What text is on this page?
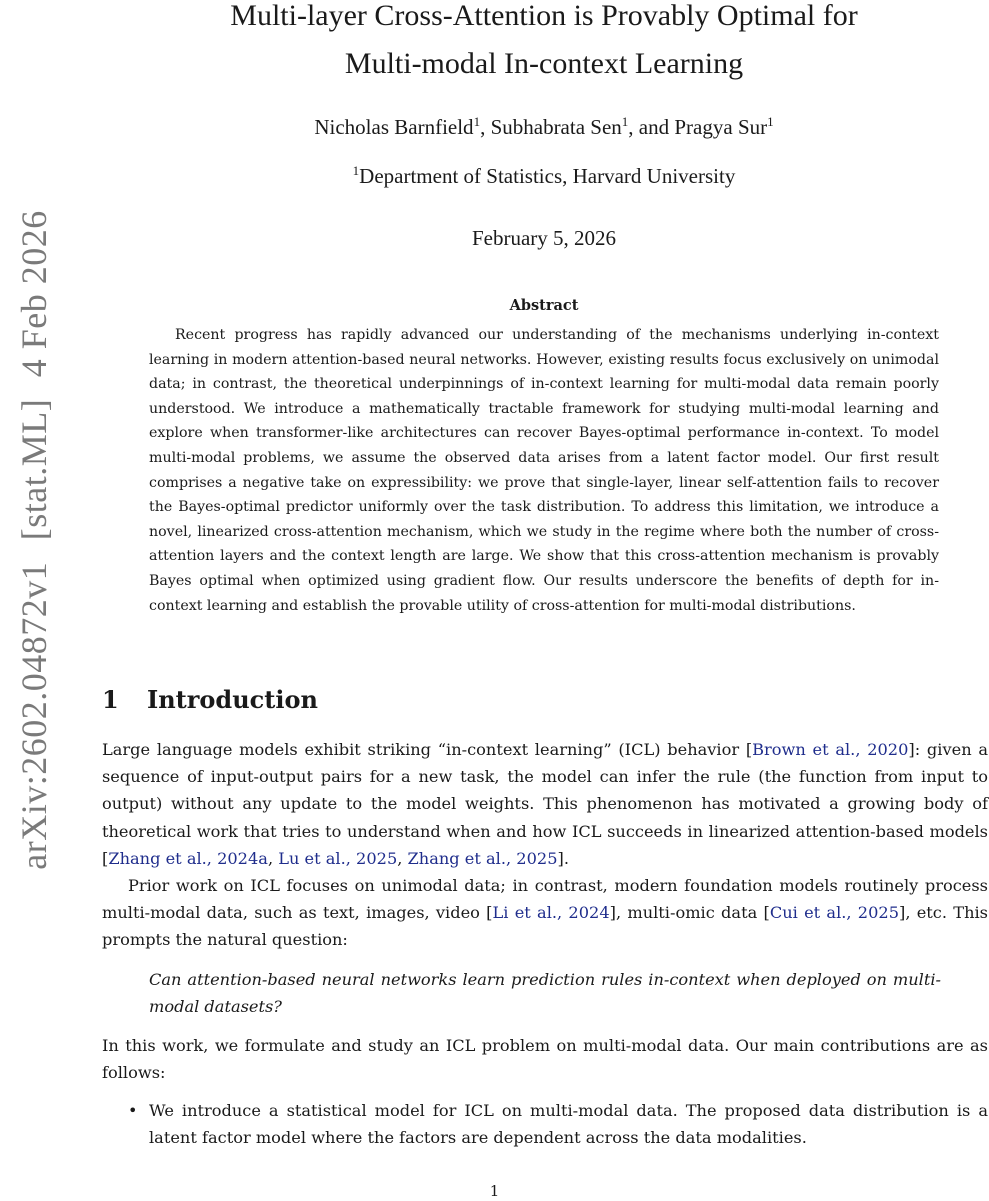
arXiv:2602.04872v1 [stat.ML] 4 Feb 2026
Multi-layer Cross-Attention is Provably Optimal for
Multi-modal In-context Learning
Nicholas Barnfield$^1$, Subhabrata Sen$^1$, and Pragya Sur$^1$
$^1$Department of Statistics, Harvard University
February 5, 2026
Abstract

Recent progress has rapidly advanced our understanding of the mechanisms underlying in-context learning in modern attention-based neural networks. However, existing results focus exclusively on unimodal data; in contrast, the theoretical underpinnings of in-context learning for multi-modal data remain poorly understood. We introduce a mathematically tractable framework for studying multi-modal learning and explore when transformer-like architectures can recover Bayes-optimal performance in-context. To model multi-modal problems, we assume the observed data arises from a latent factor model. Our first result comprises a negative take on expressibility: we prove that single-layer, linear self-attention fails to recover the Bayes-optimal predictor uniformly over the task distribution. To address this limitation, we introduce a novel, linearized cross-attention mechanism, which we study in the regime where both the number of cross-attention layers and the context length are large. We show that this cross-attention mechanism is provably Bayes optimal when optimized using gradient flow. Our results underscore the benefits of depth for in-context learning and establish the provable utility of cross-attention for multi-modal distributions.

1 Introduction

Large language models exhibit striking “in-context learning” (ICL) behavior [Brown et al., 2020]: given a sequence of input-output pairs for a new task, the model can infer the rule (the function from input to output) without any update to the model weights. This phenomenon has motivated a growing body of theoretical work that tries to understand when and how ICL succeeds in linearized attention-based models [Zhang et al., 2024a, Lu et al., 2025, Zhang et al., 2025].

Prior work on ICL focuses on unimodal data; in contrast, modern foundation models routinely process multi-modal data, such as text, images, video [Li et al., 2024], multi-omic data [Cui et al., 2025], etc. This prompts the natural question:

Can attention-based neural networks learn prediction rules in-context when deployed on multi-modal datasets?

In this work, we formulate and study an ICL problem on multi-modal data. Our main contributions are as follows:

• We introduce a statistical model for ICL on multi-modal data. The proposed data distribution is a latent factor model where the factors are dependent across the data modalities.
1
